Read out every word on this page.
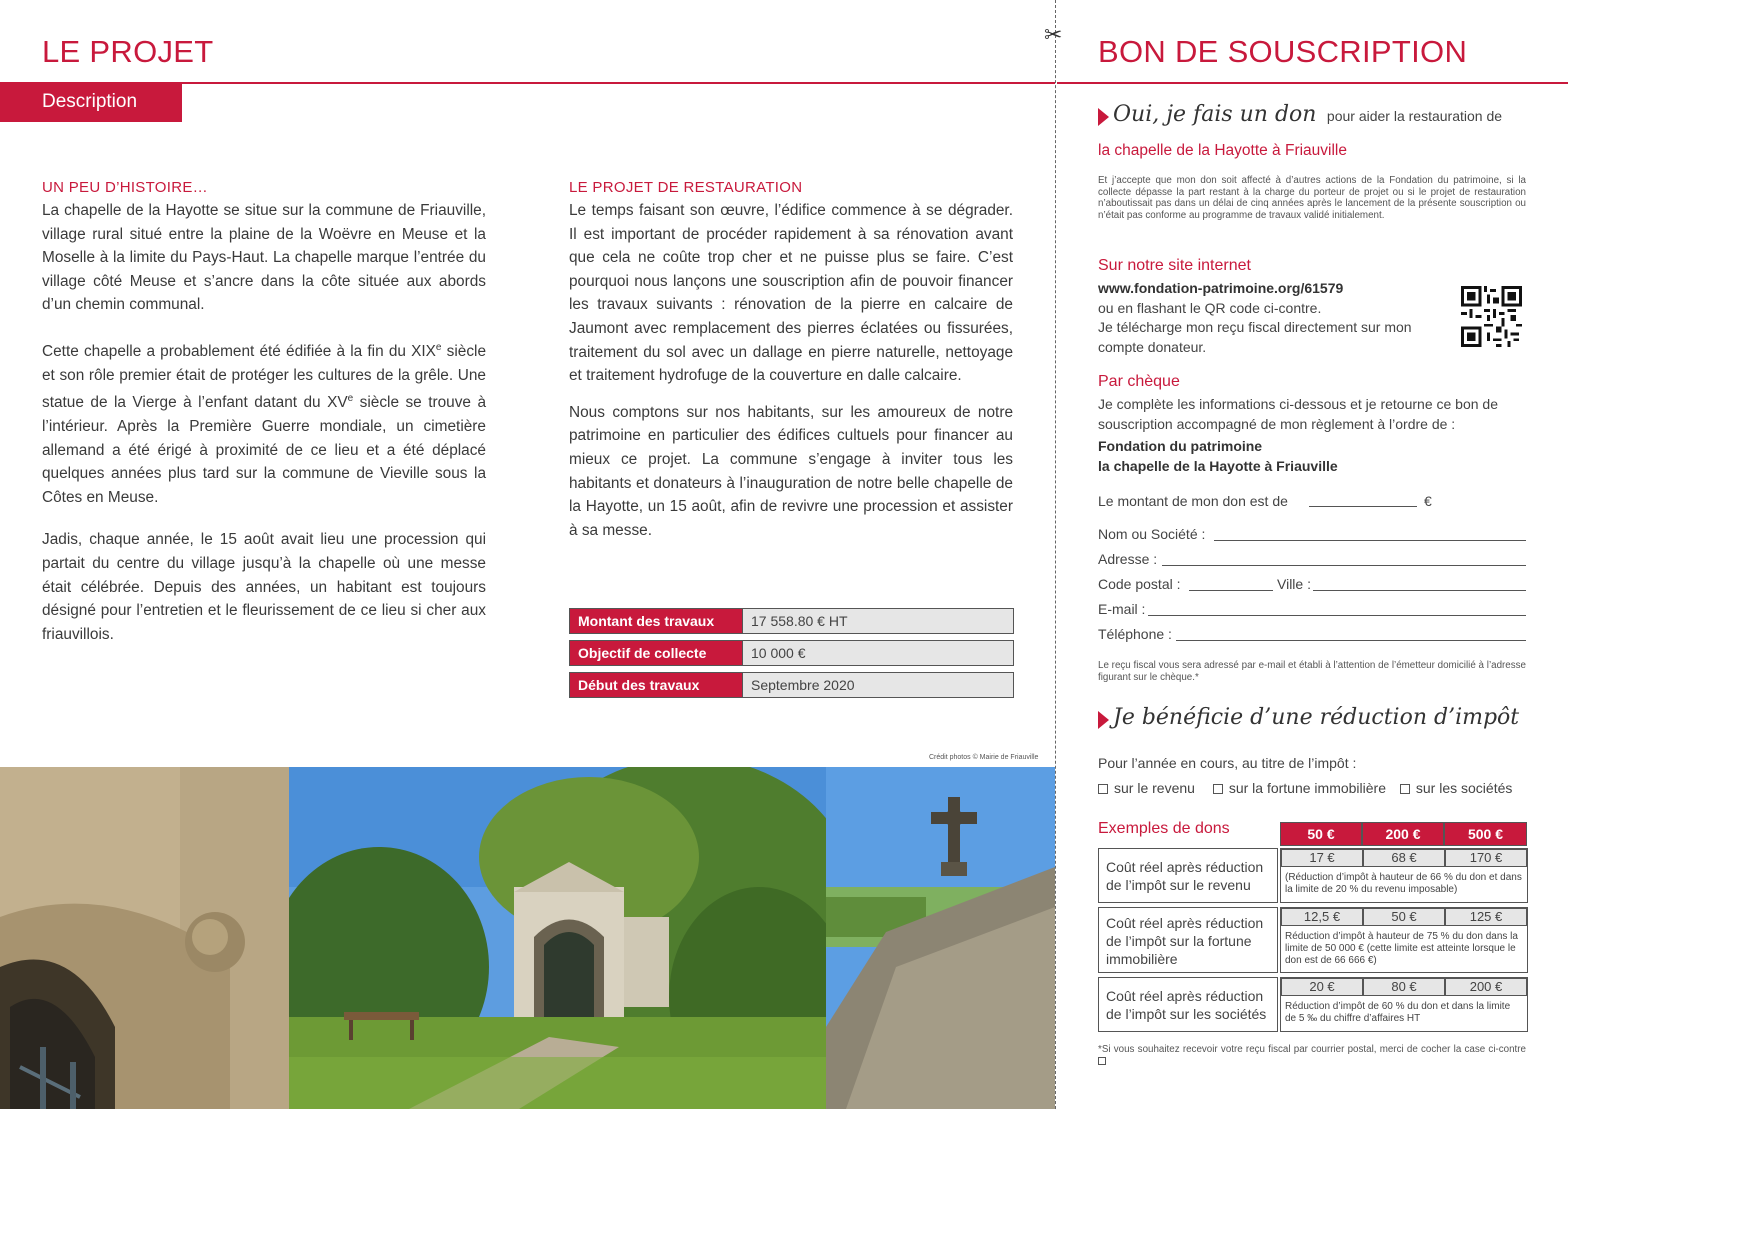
LE PROJET
Description
UN PEU D’HISTOIRE…

La chapelle de la Hayotte se situe sur la commune de Friauville, village rural situé entre la plaine de la Woëvre en Meuse et la Moselle à la limite du Pays-Haut. La chapelle marque l’entrée du village côté Meuse et s’ancre dans la côte située aux abords d’un chemin communal.

Cette chapelle a probablement été édifiée à la fin du XIXe siècle et son rôle premier était de protéger les cultures de la grêle. Une statue de la Vierge à l’enfant datant du XVe siècle se trouve à l’intérieur. Après la Première Guerre mondiale, un cimetière allemand a été érigé à proximité de ce lieu et a été déplacé quelques années plus tard sur la commune de Vieville sous la Côtes en Meuse.

Jadis, chaque année, le 15 août avait lieu une procession qui partait du centre du village jusqu’à la chapelle où une messe était célébrée. Depuis des années, un habitant est toujours désigné pour l’entretien et le fleurissement de ce lieu si cher aux friauvillois.

LE PROJET DE RESTAURATION

Le temps faisant son œuvre, l’édifice commence à se dégrader. Il est important de procéder rapidement à sa rénovation avant que cela ne coûte trop cher et ne puisse plus se faire. C’est pourquoi nous lançons une souscription afin de pouvoir financer les travaux suivants : rénovation de la pierre en calcaire de Jaumont avec remplacement des pierres éclatées ou fissurées, traitement du sol avec un dallage en pierre naturelle, nettoyage et traitement hydrofuge de la couverture en dalle calcaire.

Nous comptons sur nos habitants, sur les amoureux de notre patrimoine en particulier des édifices cultuels pour financer au mieux ce projet. La commune s’engage à inviter tous les habitants et donateurs à l’inauguration de notre belle chapelle de la Hayotte, un 15 août, afin de revivre une procession et assister à sa messe.

Montant des travaux	17 558.80 € HT
Objectif de collecte	10 000 €
Début des travaux	Septembre 2020
Crédit photos © Mairie de Friauville
✂ BON DE SOUSCRIPTION
Oui, je fais un don pour aider la restauration de
la chapelle de la Hayotte à Friauville
Et j’accepte que mon don soit affecté à d’autres actions de la Fondation du patrimoine, si la collecte dépasse la part restant à la charge du porteur de projet ou si le projet de restauration n’aboutissait pas dans un délai de cinq années après le lancement de la présente souscription ou n’était pas conforme au programme de travaux validé initialement.
Sur notre site internet
www.fondation-patrimoine.org/61579
ou en flashant le QR code ci-contre.
Je télécharge mon reçu fiscal directement sur mon compte donateur.
Par chèque
Je complète les informations ci-dessous et je retourne ce bon de souscription accompagné de mon règlement à l’ordre de :
Fondation du patrimoine
la chapelle de la Hayotte à Friauville
Le montant de mon don est de	€
Nom ou Société :
Adresse :
Code postal :	Ville :
E-mail :
Téléphone :
Le reçu fiscal vous sera adressé par e-mail et établi à l’attention de l’émetteur domicilié à l’adresse figurant sur le chèque.*
Je bénéficie d’une réduction d’impôt
Pour l’année en cours, au titre de l’impôt :
sur le revenu sur la fortune immobilière sur les sociétés
Exemples de dons	50 €	200 €	500 €
Coût réel après réduction de l’impôt sur le revenu
17 €	68 €	170 €
(Réduction d’impôt à hauteur de 66 % du don et dans la limite de 20 % du revenu imposable)
Coût réel après réduction de l’impôt sur la fortune immobilière
12,5 €	50 €	125 €
Réduction d’impôt à hauteur de 75 % du don dans la limite de 50 000 € (cette limite est atteinte lorsque le don est de 66 666 €)
Coût réel après réduction de l’impôt sur les sociétés
20 €	80 €	200 €
Réduction d’impôt de 60 % du don et dans la limite de 5 ‰ du chiffre d’affaires HT
*Si vous souhaitez recevoir votre reçu fiscal par courrier postal, merci de cocher la case ci-contre
